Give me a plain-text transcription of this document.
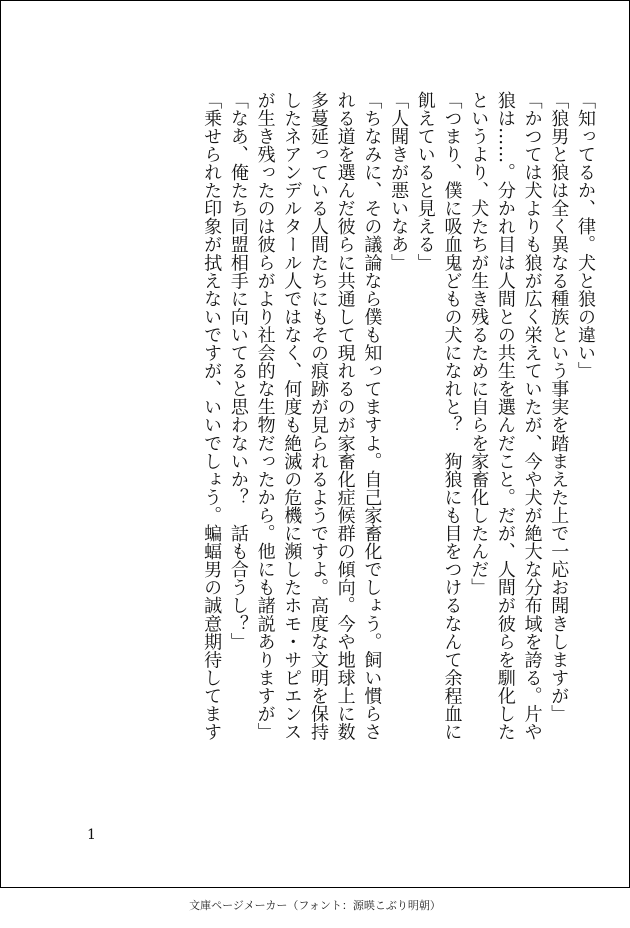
「知ってるか、律。犬と狼の違い」

「狼男と狼は全く異なる種族という事実を踏まえた上で一応お聞きしますが」

「かつては犬よりも狼が広く栄えていたが、今や犬が絶大な分布域を誇る。片や

狼は……。分かれ目は人間との共生を選んだこと。だが、人間が彼らを馴化した

というより、犬たちが生き残るために自らを家畜化したんだ」

「つまり、僕に吸血鬼どもの犬になれと？　狗狼にも目をつけるなんて余程血に

飢えていると見える」

「人聞きが悪いなあ」

「ちなみに、その議論なら僕も知ってますよ。自己家畜化でしょう。飼い慣らさ

れる道を選んだ彼らに共通して現れるのが家畜化症候群の傾向。今や地球上に数

多蔓延っている人間たちにもその痕跡が見られるようですよ。高度な文明を保持

したネアンデルタール人ではなく、何度も絶滅の危機に瀕したホモ・サピエンス

が生き残ったのは彼らがより社会的な生物だったから。他にも諸説ありますが」

「なあ、俺たち同盟相手に向いてると思わないか？　話も合うし？」

「乗せられた印象が拭えないですが、いいでしょう。蝙蝠男の誠意期待してます

1
文庫ページメーカー（フォント：源暎こぶり明朝）
